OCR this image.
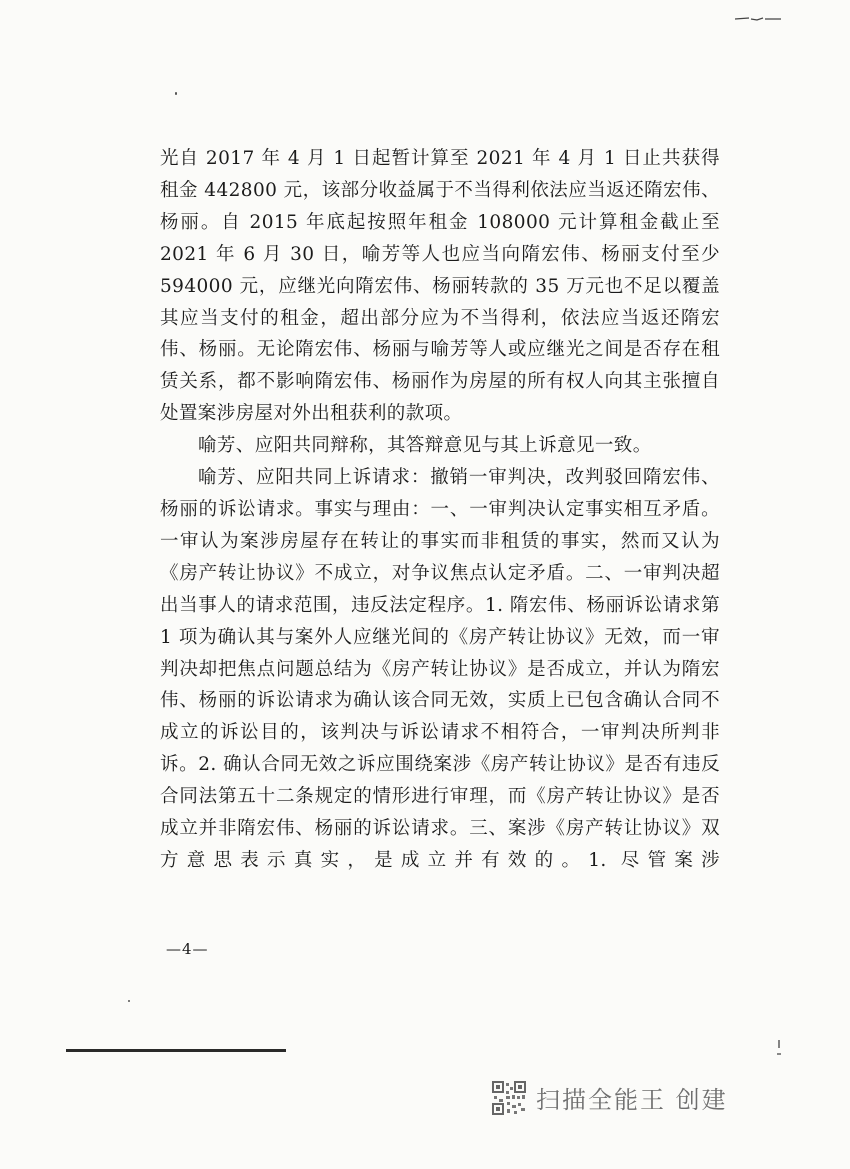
光自 2017 年 4 月 1 日起暂计算至 2021 年 4 月 1 日止共获得租金 442800 元，该部分收益属于不当得利依法应当返还隋宏伟、杨丽。自 2015 年底起按照年租金 108000 元计算租金截止至 2021 年 6 月 30 日，喻芳等人也应当向隋宏伟、杨丽支付至少 594000 元，应继光向隋宏伟、杨丽转款的 35 万元也不足以覆盖其应当支付的租金，超出部分应为不当得利，依法应当返还隋宏伟、杨丽。无论隋宏伟、杨丽与喻芳等人或应继光之间是否存在租赁关系，都不影响隋宏伟、杨丽作为房屋的所有权人向其主张擅自处置案涉房屋对外出租获利的款项。

喻芳、应阳共同辩称，其答辩意见与其上诉意见一致。

喻芳、应阳共同上诉请求：撤销一审判决，改判驳回隋宏伟、杨丽的诉讼请求。事实与理由：一、一审判决认定事实相互矛盾。一审认为案涉房屋存在转让的事实而非租赁的事实，然而又认为《房产转让协议》不成立，对争议焦点认定矛盾。二、一审判决超出当事人的请求范围，违反法定程序。1. 隋宏伟、杨丽诉讼请求第 1 项为确认其与案外人应继光间的《房产转让协议》无效，而一审判决却把焦点问题总结为《房产转让协议》是否成立，并认为隋宏伟、杨丽的诉讼请求为确认该合同无效，实质上已包含确认合同不成立的诉讼目的，该判决与诉讼请求不相符合，一审判决所判非诉。2. 确认合同无效之诉应围绕案涉《房产转让协议》是否有违反合同法第五十二条规定的情形进行审理，而《房产转让协议》是否成立并非隋宏伟、杨丽的诉讼请求。三、案涉《房产转让协议》双方意思表示真实，是成立并有效的。1. 尽管案涉

—4—
扫描全能王 创建
